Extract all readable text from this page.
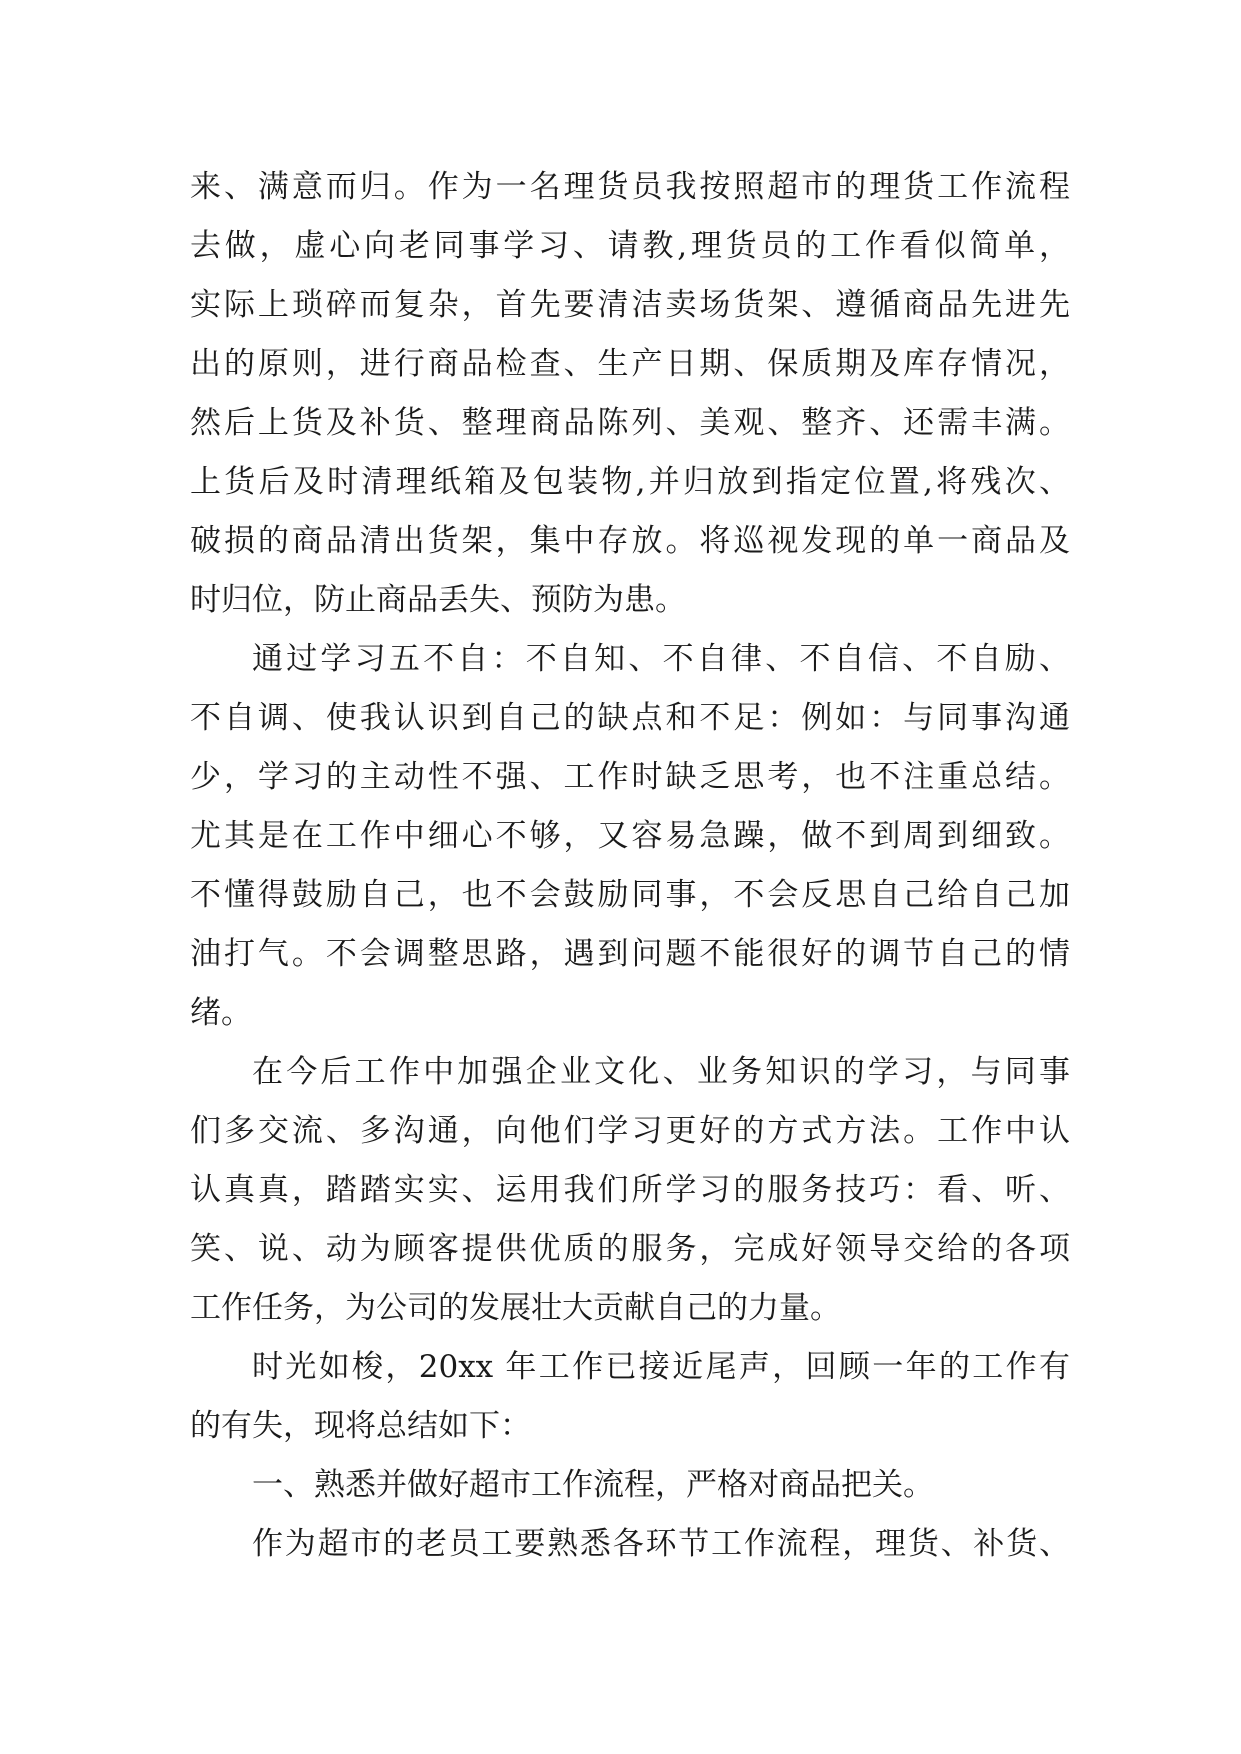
来、满意而归。作为一名理货员我按照超市的理货工作流程
去做，虚心向老同事学习、请教,理货员的工作看似简单，
实际上琐碎而复杂，首先要清洁卖场货架、遵循商品先进先
出的原则，进行商品检查、生产日期、保质期及库存情况，
然后上货及补货、整理商品陈列、美观、整齐、还需丰满。
上货后及时清理纸箱及包装物,并归放到指定位置,将残次、
破损的商品清出货架，集中存放。将巡视发现的单一商品及
时归位，防止商品丢失、预防为患。
通过学习五不自：不自知、不自律、不自信、不自励、
不自调、使我认识到自己的缺点和不足：例如：与同事沟通
少，学习的主动性不强、工作时缺乏思考，也不注重总结。
尤其是在工作中细心不够，又容易急躁，做不到周到细致。
不懂得鼓励自己，也不会鼓励同事，不会反思自己给自己加
油打气。不会调整思路，遇到问题不能很好的调节自己的情
绪。
在今后工作中加强企业文化、业务知识的学习，与同事
们多交流、多沟通，向他们学习更好的方式方法。工作中认
认真真，踏踏实实、运用我们所学习的服务技巧：看、听、
笑、说、动为顾客提供优质的服务，完成好领导交给的各项
工作任务，为公司的发展壮大贡献自己的力量。
时光如梭，20xx 年工作已接近尾声，回顾一年的工作有
的有失，现将总结如下：
一、熟悉并做好超市工作流程，严格对商品把关。
作为超市的老员工要熟悉各环节工作流程，理货、补货、
